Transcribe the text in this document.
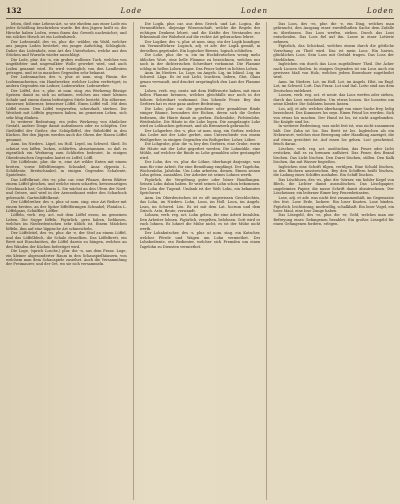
132	Lode	Loden	Loden

leben, dieß eine Lebens-Art, so wie ehedem aus einer Lode ein jeder Schößling beschrieben wurde. Bei den Jägern heißt es, die Hirsche haben Loden, wenn ihnen das Geweih nachwächst; und ein solcher Hirsch ist ein Lodenhirsch.

Der Lodenwald, des -es, plur. die -wälder, ein Wald, welcher aus jungen Loden bestehet, ein junger Aufschlag, Schlagholz. Daher das Lodenholz, eine Art des Unterholzes, welche aus den Stöcken und Wurzeln wieder ausschlägt.

Die Lode, plur. die -n, ein grobes wollenes Tuch, welches von ungefärbter und ungewalkter Wolle gewebet wird, und auch Loden genannt wird. Es wird vorzüglich von den Landleuten getragen, und ist in manchen Gegenden sehr bekannt.

Der Lodenmacher, des -s, plur. ut nom. sing. Fämin. die Lodenmacherinn, ein Handwerker, welcher Loden verfertiget; in andern Gegenden ein Lodner, Lodenwirker, Lodenweber.

Der Löffel, des -s, plur. ut nom. sing. ein Werkzeug flüssige Speisen damit zu sich zu nehmen, welches aus einer kleinen Schale und einem daran befestigten Stiele besteht. Ein silberner, zinnerner, hölzerner, beinerner Löffel. Einen Löffel voll. Mit dem Löffel essen. Den Löffel wegwerfen, scherzhaft, sterben. Die Weisheit mit Löffeln gegessen haben, im gemeinen Leben, sich sehr klug dünken.

In weiterer Bedeutung, ein jedes Werkzeug von ähnlicher Gestalt, andere Dinge damit aufzufassen oder zu schöpfen. Der Gießlöffel der Gießer, der Schöpflöffel, der Rührlöffel in den Küchen. Bei den Jägern werden auch die Ohren der Hasen Löffel genannt.

Anm. Im Nieders. Läpel, im Holl. Lepel, im Schwed. Sked. Es scheint von laffen, lecken, schlürfen, abzustammen, so daß es eigentlich ein Werkzeug zum Schlürfen bedeutet. In einigen Oberdeutschen Gegenden lautet es Leffel, Löffl.

Die Löffelente, plur. die -n, eine Art wilder Enten mit einem breiten, vorne löffelförmigen Schnabel; Anas clypeata L. Schildente, Breitschnabel, in einigen Gegenden Schalente, Spatelente.

Das Löffelkraut, des -es, plur. car. eine Pflanze, deren Blätter einem Löffel gleichen, und welche einen scharfen, kressenartigen Geschmack hat; Cochlearia L. Sie wächst an den Ufern der Nord- und Ostsee, und wird in der Arzeneikunst wider den Scharbock gebraucht. Gartenlöffelkraut.

Der Löffelreiher, des -s, plur. ut nom. sing. eine Art Reiher mit einem breiten, an der Spitze löffelförmigen Schnabel; Platalea L. Löffelgans, Schüffler, Löffler.

Löffeln, verb. reg. act. mit dem Löffel essen, im gemeinen Leben. Die Suppe löffeln. Figürlich, gern haben, liebkosen, welches im Niederdeutschen sehr üblich ist. Einem Mädchen löffeln, ihm auf eine läppische Art schmeicheln.

Der Löffelstiel, des -es, plur. die -e, der Stiel an einem Löffel, und das Löffelblech, die Schale desselben. Das Löffelbrett, ein Brett mit Einschnitten, die Löffel darein zu hängen, welches an den Wänden der Küchen befestiget wird.

Die Loge, (sprich Losche,) plur. die -n, aus dem Franz. Loge, ein kleiner abgesonderter Raum in den Schauspielhäusern, von welchem man dem Schauspiele zusiehet. Auch die Versammlung der Freimaurer, und der Ort, wo sie sich versammeln.

Die Logik, plur. car. aus dem Griech. und Lat. Logica, die Vernunftlehre, diejenige Wissenschaft, welche die Regeln des richtigen Denkens lehret, und die Kräfte des Verstandes zur Erkenntniß der Wahrheit auf die rechte Art gebrauchen lehret.

Der Logiker, des -s, plur. ut nom. sing. ein der Logik kundiger, ein Vernunftlehrer. Logisch, adj. et adv. der Logik gemäß, in derselben gegründet. Ein logischer Beweis, logisch schließen.

Die Lohe, plur. die -n, ein im Hochdeutschen wenig mehr übliches Wort, eine helle Flamme zu bezeichnen, welches nur noch in der dichterischen Schreibart vorkommt. Die Flamme schlug in hellen Lohen empor. Das Feuer lodert in lichten Lohen.

Anm. Im Nieders. Lo, Loge, im Angels. Lig, im Isländ. Log, im Schwed. Låga. Es ist mit Licht, leuchten, lodern, Glut, Glanz genau verwandt, und drucket ursprünglich den Laut der Flamme aus.

Lohen, verb. reg. neutr. mit dem Hülfsworte haben, mit einer hellen Flamme brennen, welches gleichfalls nur noch in der höhern Schreibart vorkommt. Das lohende Feuer. Bey den Gerbern hat es eine ganz andere Bedeutung.

Die Lohe, plur. car. die gestoßene oder gemahlene Rinde einiger Bäume, besonders der Eichen, deren sich die Gerber bedienen, die Häute damit zu gerben. Eichenlohe, Fichtenlohe, Weidenlohe. Die Häute in die Lohe legen. Die ausgelaugte Lohe wird zu Lohkuchen geformet, und als Brennwerk gebraucht.

Der Lohgerber, des -s, plur. ut nom. sing. ein Gerber, welcher das Leder mit der Lohe gerbet, zum Unterschiede von einem Weißgerber; in einigen Gegenden ein Rothgerber, Loher, Löher.

Die Lohgrube, plur. die -n, bey den Gerbern, eine Grube, worin die Häute mit der Lohe gegerbet werden. Die Lohmühle, eine Mühle, auf welcher die Rinde zu Lohe gemahlen oder gestampfet wird.

Der Lohn, des -es, plur. die Löhne, überhaupt dasjenige, was man für eine Arbeit, für eine Bemühung empfängt. Der Tagelohn, Wochenlohn, Jahrlohn. Um Lohn arbeiten, dienen. Einem seinen Lohn geben, auszahlen. Der Arbeiter ist seines Lohnes werth.

Figürlich, die Vergeltung guter oder böser Handlungen. Seinen Lohn dahin haben. Er wird seinen Lohn schon bekommen. Der Lohn der Tugend. Undank ist der Welt Lohn, ein bekanntes Sprichwort.

Anm. Im Oberdeutschen ist es oft ungewissen Geschlechtes, das Lohn, im Nieders. Lohn, Loon, im Holl. Loon, im Angels. Lean, im Schwed. Lön. Es ist mit dem Lat. lucrum und dem Griech. Λεία, Beute, verwandt.

Lohnen, verb. reg. act. Lohn geben, für eine Arbeit bezahlen. Den Arbeiter lohnen. Figürlich, vergelten, belohnen. Gott wird es euch lohnen. Es lohnet die Mühe nicht, es ist der Mühe nicht werth.

Der Lohnkutscher, des -s, plur. ut nom. sing. ein Kutscher, welcher Pferde und Wagen um Lohn vermiethet. Der Lohnbediente, ein Bedienter, welcher sich Fremden um einen Tagelohn zu Diensten vermiethet.

Das Loos, des -es, plur. die -e, ein Ding, welches man gebraucht, den Ausgang einer zweifelhaften Sache dem Zufalle zu überlassen. Das Loos werfen, ziehen. Durch das Loos entscheiden. Das Loos fiel auf ihn. Loose in einer Lotterie nehmen.

Figürlich, das Schicksal, welches einem durch die göttliche Vorsehung zu Theil wird. Das ist mein Loos. Ein hartes, glückliches Loos. Sein Loos mit Geduld tragen. Das Loos der Sterblichen.

Ingleichen ein durch das Loos zugefallener Theil. Die Äcker nach Loosen theilen. In einigen Gegenden ist ein Loos auch ein gewisses Maß von Holz, welches jedem Einwohner zugetheilet wird.

Anm. Im Nieders. Lot, im Holl. Lot, im Angels. Hlot, im Engl. Lot, im Schwed. Lott. Das Franz. Lot und Ital. Lotto sind aus dem Deutschen entlehnet.

Loosen, verb. reg. act. et neutr. das Loos werfen oder ziehen, durch das Loos entscheiden. Um etwas loosen. Sie looseten um seine Kleider. Die Soldaten loosen lassen.

Los, adj. et adv. welches überhaupt von einer Sache frey, ledig bezeichnet. Des Kummers los seyn. Einen Feind los werden. Sich von etwas los machen. Der Hund ist los, ist nicht angebunden. Die Knöpfe sind los.

In weiterer Bedeutung, was nicht fest ist, was nicht zusammen hält. Der Zahn ist los. Das Brett ist los. Ingleichen als ein Nebenwort, welches eine Bewegung oder Handlung anzeiget, die auf etwas gerichtet ist. Auf einen los gehen. Los! geschwind, frisch daran.

Löschen, verb. reg. act. auslöschen, das Feuer oder Licht ersticken, daß es zu brennen aufhöret. Das Feuer, den Brand löschen. Das Licht löschen. Den Durst löschen, stillen. Den Kalk löschen, ihn mit Wasser begießen.

Ingleichen eine Schrift tilgen, vertilgen. Eine Schuld löschen, in den Büchern ausstreichen. Bey den Schiffern heißt löschen, die Ladung eines Schiffes ausladen. Ein Schiff löschen.

Das Löschhorn, des -es, plur. die -hörner, ein hohler Kegel von Blech, die Lichter damit auszulöschen. Das Löschpapier, ungeleimtes Papier, die nasse Schrift damit abzutrocknen. Der Löscheimer, ein lederner Eimer bey Feuersbrünsten.

Lose, adj. et adv. was nicht fest zusammenhält, im Gegensatze des fest. Lose Erde, lockere. Ein loser Knoten. Lose binden. Figürlich, leichtsinnig, muthwillig, schalkhaft. Ein loser Vogel, ein loses Maul, eine lose Zunge haben.

Das Lösegeld, des -es, plur. die -er, Geld, welches man zur Befreyung eines Gefangenen bezahlet. Ein großes Lösegeld für einen Gefangenen fordern, erlegen.
